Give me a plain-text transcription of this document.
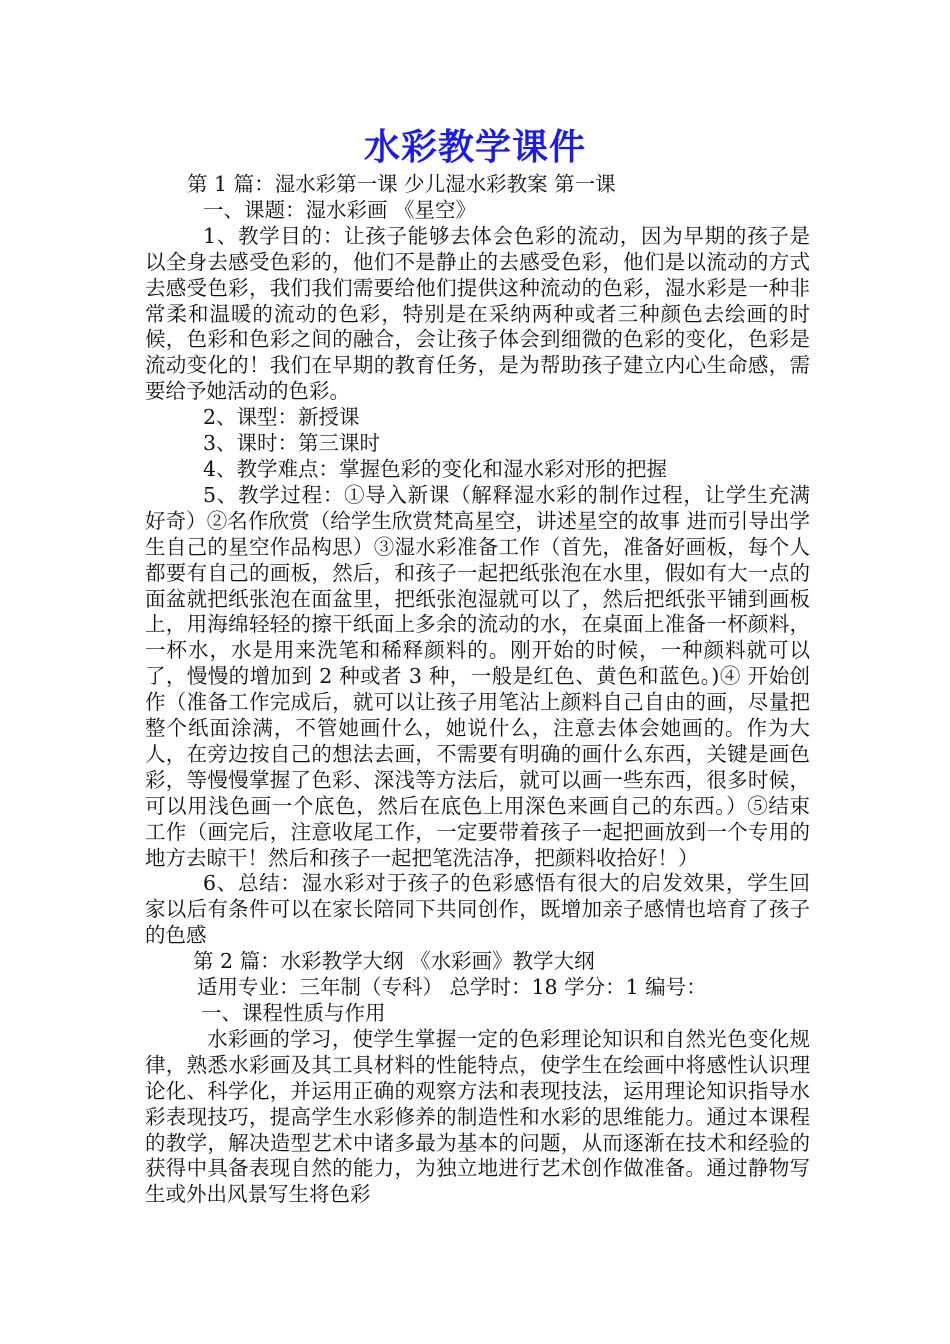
水彩教学课件

第 1 篇：湿水彩第一课 少儿湿水彩教案 第一课

一、课题：湿水彩画 《星空》

1、教学目的：让孩子能够去体会色彩的流动，因为早期的孩子是以全身去感受色彩的，他们不是静止的去感受色彩，他们是以流动的方式去感受色彩，我们我们需要给他们提供这种流动的色彩，湿水彩是一种非常柔和温暖的流动的色彩，特别是在采纳两种或者三种颜色去绘画的时候，色彩和色彩之间的融合，会让孩子体会到细微的色彩的变化，色彩是流动变化的！我们在早期的教育任务，是为帮助孩子建立内心生命感，需要给予她活动的色彩。

2、课型：新授课

3、课时：第三课时

4、教学难点：掌握色彩的变化和湿水彩对形的把握

5、教学过程：①导入新课（解释湿水彩的制作过程，让学生充满好奇）②名作欣赏（给学生欣赏梵高星空，讲述星空的故事 进而引导出学生自己的星空作品构思）③湿水彩准备工作（首先，准备好画板，每个人都要有自己的画板，然后，和孩子一起把纸张泡在水里，假如有大一点的面盆就把纸张泡在面盆里，把纸张泡湿就可以了，然后把纸张平铺到画板上，用海绵轻轻的擦干纸面上多余的流动的水，在桌面上准备一杯颜料，一杯水，水是用来洗笔和稀释颜料的。刚开始的时候，一种颜料就可以了，慢慢的增加到 2 种或者 3 种，一般是红色、黄色和蓝色。)④ 开始创作（准备工作完成后，就可以让孩子用笔沾上颜料自己自由的画，尽量把整个纸面涂满，不管她画什么，她说什么，注意去体会她画的。作为大人，在旁边按自己的想法去画，不需要有明确的画什么东西，关键是画色彩，等慢慢掌握了色彩、深浅等方法后，就可以画一些东西，很多时候，可以用浅色画一个底色，然后在底色上用深色来画自己的东西。）⑤结束工作（画完后，注意收尾工作，一定要带着孩子一起把画放到一个专用的地方去晾干！然后和孩子一起把笔洗洁净，把颜料收拾好！）

6、总结：湿水彩对于孩子的色彩感悟有很大的启发效果，学生回家以后有条件可以在家长陪同下共同创作，既增加亲子感情也培育了孩子的色感

第 2 篇：水彩教学大纲 《水彩画》教学大纲

适用专业：三年制（专科） 总学时：18 学分：1 编号：

一、课程性质与作用

水彩画的学习，使学生掌握一定的色彩理论知识和自然光色变化规律，熟悉水彩画及其工具材料的性能特点，使学生在绘画中将感性认识理论化、科学化，并运用正确的观察方法和表现技法，运用理论知识指导水彩表现技巧，提高学生水彩修养的制造性和水彩的思维能力。通过本课程的教学，解决造型艺术中诸多最为基本的问题，从而逐渐在技术和经验的获得中具备表现自然的能力，为独立地进行艺术创作做准备。通过静物写生或外出风景写生将色彩
